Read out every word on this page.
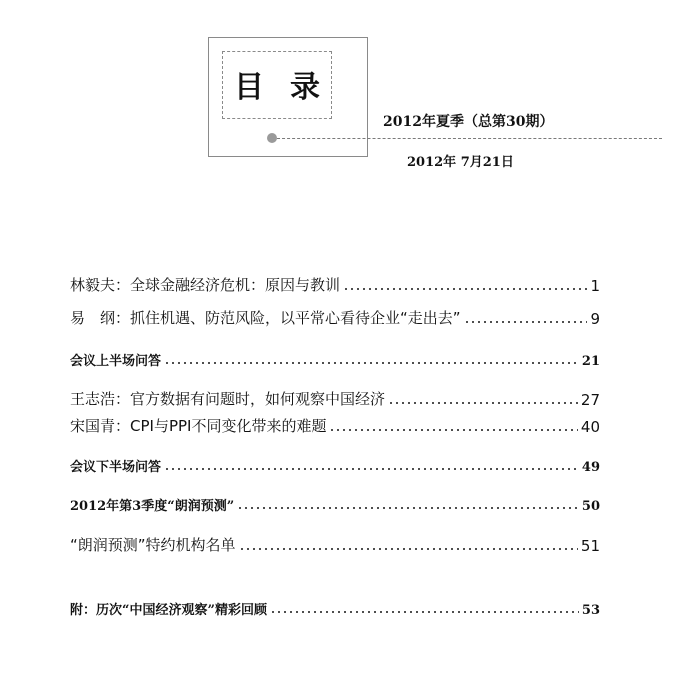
目录
2012年夏季（总第30期）
2012年 7月21日
林毅夫：全球金融经济危机：原因与教训	1
易　纲：抓住机遇、防范风险，以平常心看待企业“走出去”	9
会议上半场问答	21
王志浩：官方数据有问题时，如何观察中国经济	27
宋国青：CPI与PPI不同变化带来的难题	40
会议下半场问答	49
2012年第3季度“朗润预测”	50
“朗润预测”特约机构名单	51
附：历次“中国经济观察”精彩回顾	53
